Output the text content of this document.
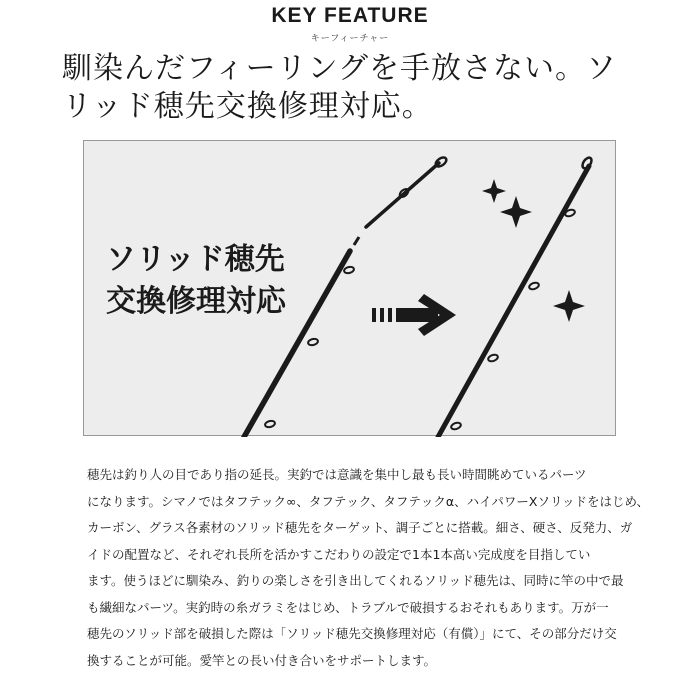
KEY FEATURE
キーフィーチャー
馴染んだフィーリングを手放さない。ソ
リッド穂先交換修理対応。
ソリッド穂先
交換修理対応
穂先は釣り人の目であり指の延長。実釣では意識を集中し最も長い時間眺めているパーツ
になります。シマノではタフテック∞、タフテック、タフテックα、ハイパワーXソリッドをはじめ、
カーボン、グラス各素材のソリッド穂先をターゲット、調子ごとに搭載。細さ、硬さ、反発力、ガ
イドの配置など、それぞれ長所を活かすこだわりの設定で1本1本高い完成度を目指してい
ます。使うほどに馴染み、釣りの楽しさを引き出してくれるソリッド穂先は、同時に竿の中で最
も繊細なパーツ。実釣時の糸ガラミをはじめ、トラブルで破損するおそれもあります。万が一
穂先のソリッド部を破損した際は「ソリッド穂先交換修理対応（有償）」にて、その部分だけ交
換することが可能。愛竿との長い付き合いをサポートします。
